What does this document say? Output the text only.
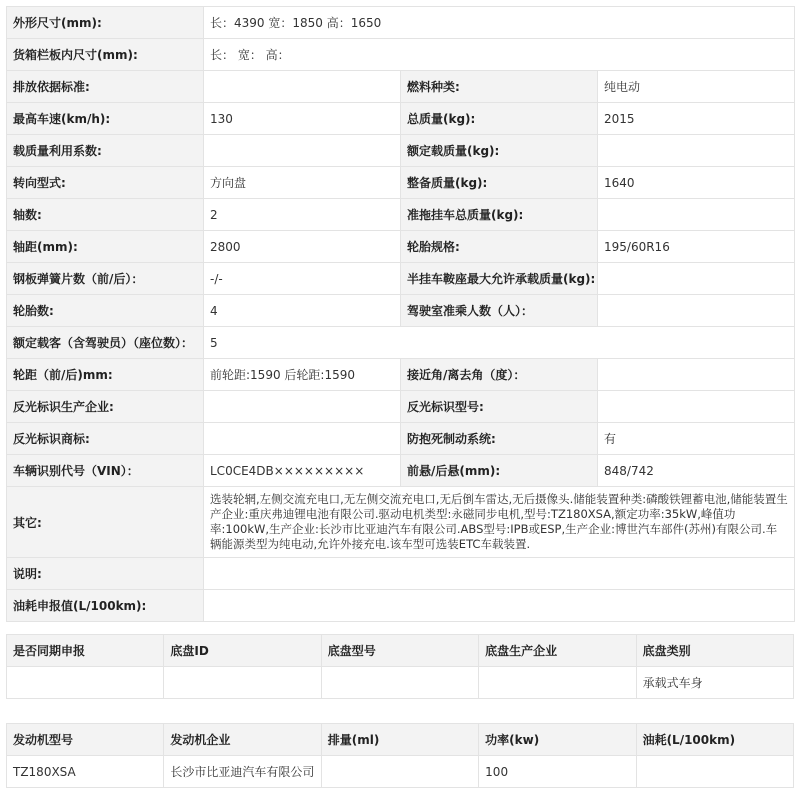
外形尺寸(mm):	长：4390 宽：1850 高：1650		
货箱栏板内尺寸(mm):	长： 宽： 高：		
排放依据标准:		燃料种类:	纯电动
最高车速(km/h):	130	总质量(kg):	2015
载质量利用系数:		额定载质量(kg):	
转向型式:	方向盘	整备质量(kg):	1640
轴数:	2	准拖挂车总质量(kg):	
轴距(mm):	2800	轮胎规格:	195/60R16
钢板弹簧片数（前/后）：	-/-	半挂车鞍座最大允许承载质量(kg):	
轮胎数:	4	驾驶室准乘人数（人）：	
额定载客（含驾驶员）（座位数）：	5		
轮距（前/后)mm:	前轮距:1590 后轮距:1590	接近角/离去角（度）：	
反光标识生产企业:		反光标识型号:	
反光标识商标:		防抱死制动系统:	有
车辆识别代号（VIN）：	LC0CE4DB×××××××××	前悬/后悬(mm):	848/742
其它:	选装轮辋,左侧交流充电口,无左侧交流充电口,无后倒车雷达,无后摄像头.储能装置种类:磷酸铁锂蓄电池,储能装置生产企业:重庆弗迪锂电池有限公司.驱动电机类型:永磁同步电机,型号:TZ180XSA,额定功率:35kW,峰值功率:100kW,生产企业:长沙市比亚迪汽车有限公司.ABS型号:IPB或ESP,生产企业:博世汽车部件(苏州)有限公司.车辆能源类型为纯电动,允许外接充电.该车型可选装ETC车载装置.		
说明:			
油耗申报值(L/100km):			
是否同期申报	底盘ID	底盘型号	底盘生产企业	底盘类别
				承载式车身
发动机型号	发动机企业	排量(ml)	功率(kw)	油耗(L/100km)
TZ180XSA	长沙市比亚迪汽车有限公司		100	
